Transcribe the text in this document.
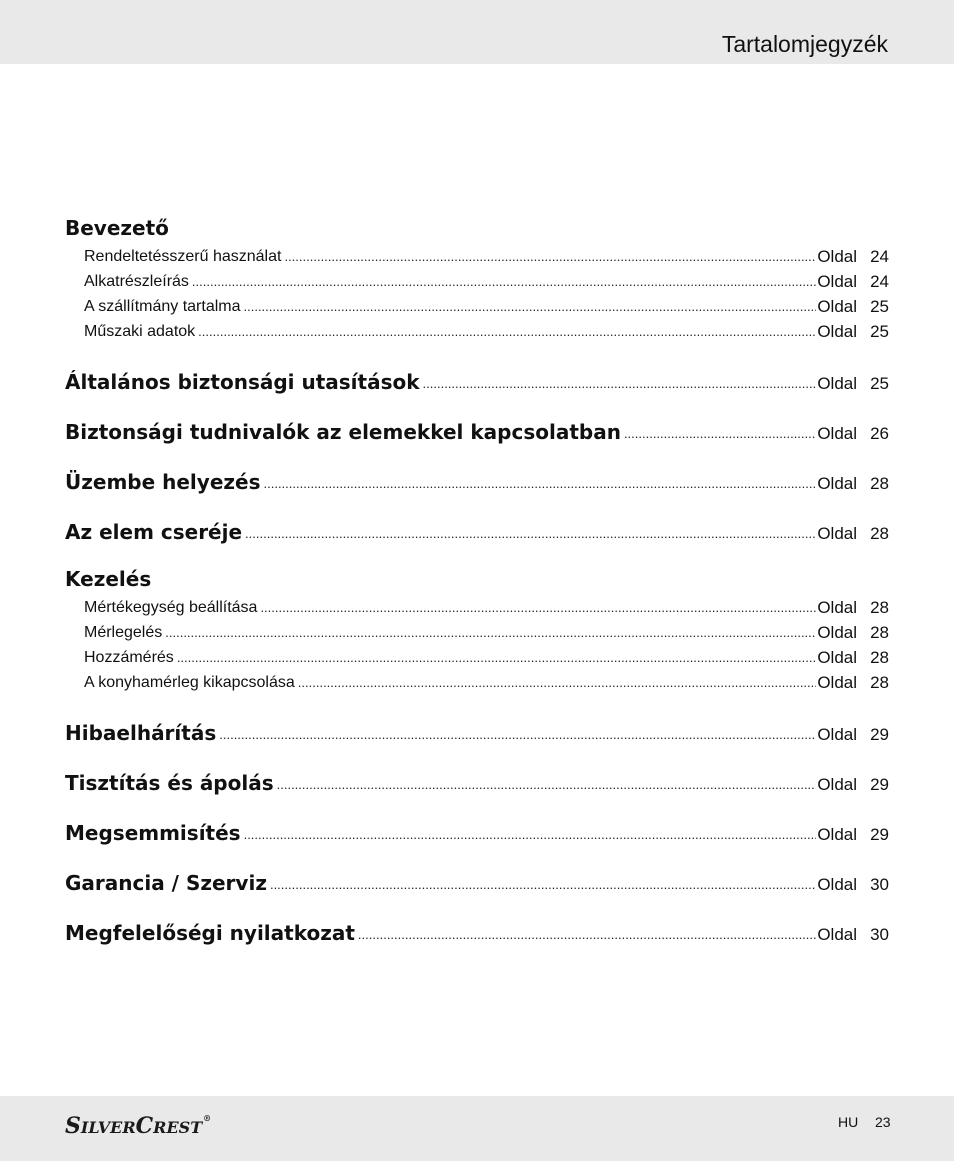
Tartalomjegyzék
Bevezető
Rendeltetésszerű használat .....	Oldal 24
Alkatrészleírás .....	Oldal 24
A szállítmány tartalma .....	Oldal 25
Műszaki adatok .....	Oldal 25
Általános biztonsági utasítások .....	Oldal 25
Biztonsági tudnivalók az elemekkel kapcsolatban .....	Oldal 26
Üzembe helyezés .....	Oldal 28
Az elem cseréje .....	Oldal 28
Kezelés
Mértékegység beállítása .....	Oldal 28
Mérlegelés .....	Oldal 28
Hozzámérés .....	Oldal 28
A konyhamérleg kikapcsolása .....	Oldal 28
Hibaelhárítás .....	Oldal 29
Tisztítás és ápolás .....	Oldal 29
Megsemmisítés .....	Oldal 29
Garancia / Szerviz .....	Oldal 30
Megfelelőségi nyilatkozat .....	Oldal 30
SILVERCREST®	HU 23
